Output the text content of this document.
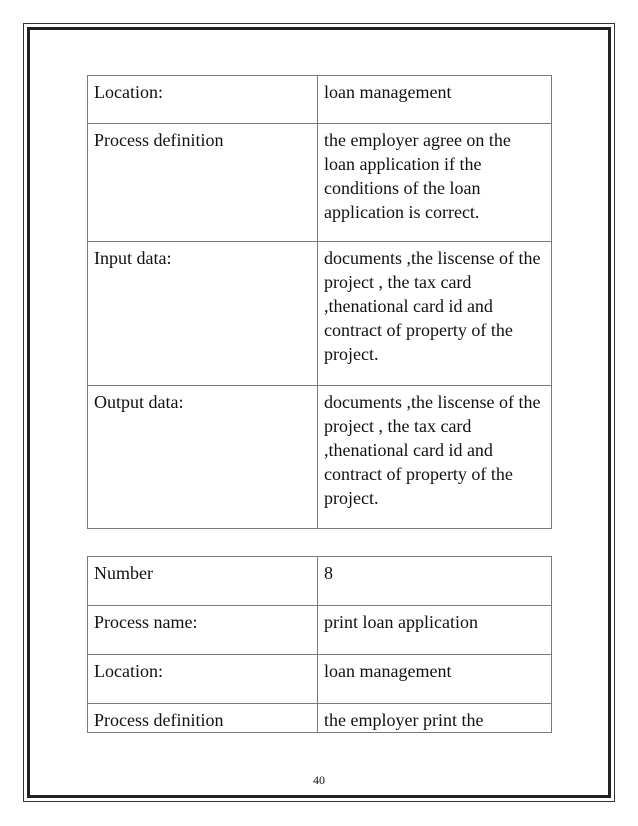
Location:	loan management
Process definition	the employer agree on the loan application if the conditions of the loan application is correct.
Input data:	documents ,the liscense of the project , the tax card ,thenational card id and contract of property of the project.
Output data:	documents ,the liscense of the project , the tax card ,thenational card id and contract of property of the project.
Number	8
Process name:	print loan application
Location:	loan management
Process definition	the employer print the
40
